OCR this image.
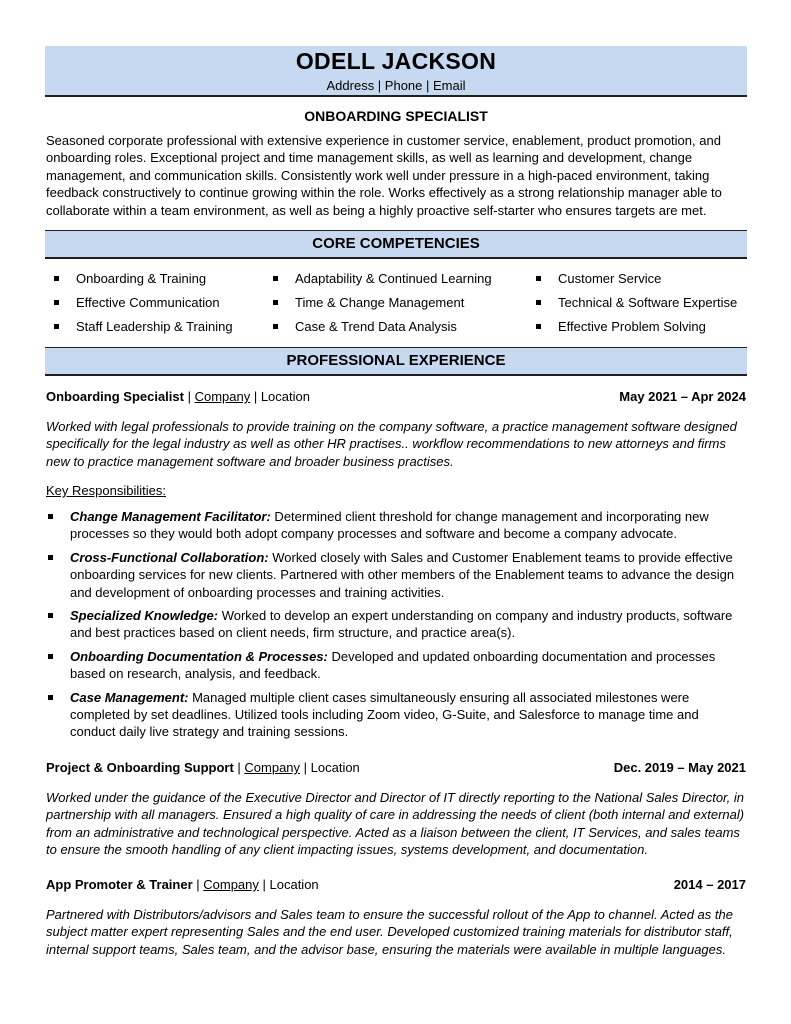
ODELL JACKSON
Address | Phone | Email
ONBOARDING SPECIALIST
Seasoned corporate professional with extensive experience in customer service, enablement, product promotion, and onboarding roles. Exceptional project and time management skills, as well as learning and development, change management, and communication skills. Consistently work well under pressure in a high-paced environment, taking feedback constructively to continue growing within the role. Works effectively as a strong relationship manager able to collaborate within a team environment, as well as being a highly proactive self-starter who ensures targets are met.
CORE COMPETENCIES
Onboarding & Training
Effective Communication
Staff Leadership & Training
Adaptability & Continued Learning
Time & Change Management
Case & Trend Data Analysis
Customer Service
Technical & Software Expertise
Effective Problem Solving
PROFESSIONAL EXPERIENCE
Onboarding Specialist | Company | Location	May 2021 – Apr 2024
Worked with legal professionals to provide training on the company software, a practice management software designed specifically for the legal industry as well as other HR practises.. workflow recommendations to new attorneys and firms new to practice management software and broader business practises.
Key Responsibilities:
Change Management Facilitator: Determined client threshold for change management and incorporating new processes so they would both adopt company processes and software and become a company advocate.
Cross-Functional Collaboration: Worked closely with Sales and Customer Enablement teams to provide effective onboarding services for new clients. Partnered with other members of the Enablement teams to advance the design and development of onboarding processes and training activities.
Specialized Knowledge: Worked to develop an expert understanding on company and industry products, software and best practices based on client needs, firm structure, and practice area(s).
Onboarding Documentation & Processes: Developed and updated onboarding documentation and processes based on research, analysis, and feedback.
Case Management: Managed multiple client cases simultaneously ensuring all associated milestones were completed by set deadlines. Utilized tools including Zoom video, G-Suite, and Salesforce to manage time and conduct daily live strategy and training sessions.
Project & Onboarding Support | Company | Location	Dec. 2019 – May 2021
Worked under the guidance of the Executive Director and Director of IT directly reporting to the National Sales Director, in partnership with all managers. Ensured a high quality of care in addressing the needs of client (both internal and external) from an administrative and technological perspective. Acted as a liaison between the client, IT Services, and sales teams to ensure the smooth handling of any client impacting issues, systems development, and documentation.
App Promoter & Trainer | Company | Location	2014 – 2017
Partnered with Distributors/advisors and Sales team to ensure the successful rollout of the App to channel. Acted as the subject matter expert representing Sales and the end user. Developed customized training materials for distributor staff, internal support teams, Sales team, and the advisor base, ensuring the materials were available in multiple languages.
